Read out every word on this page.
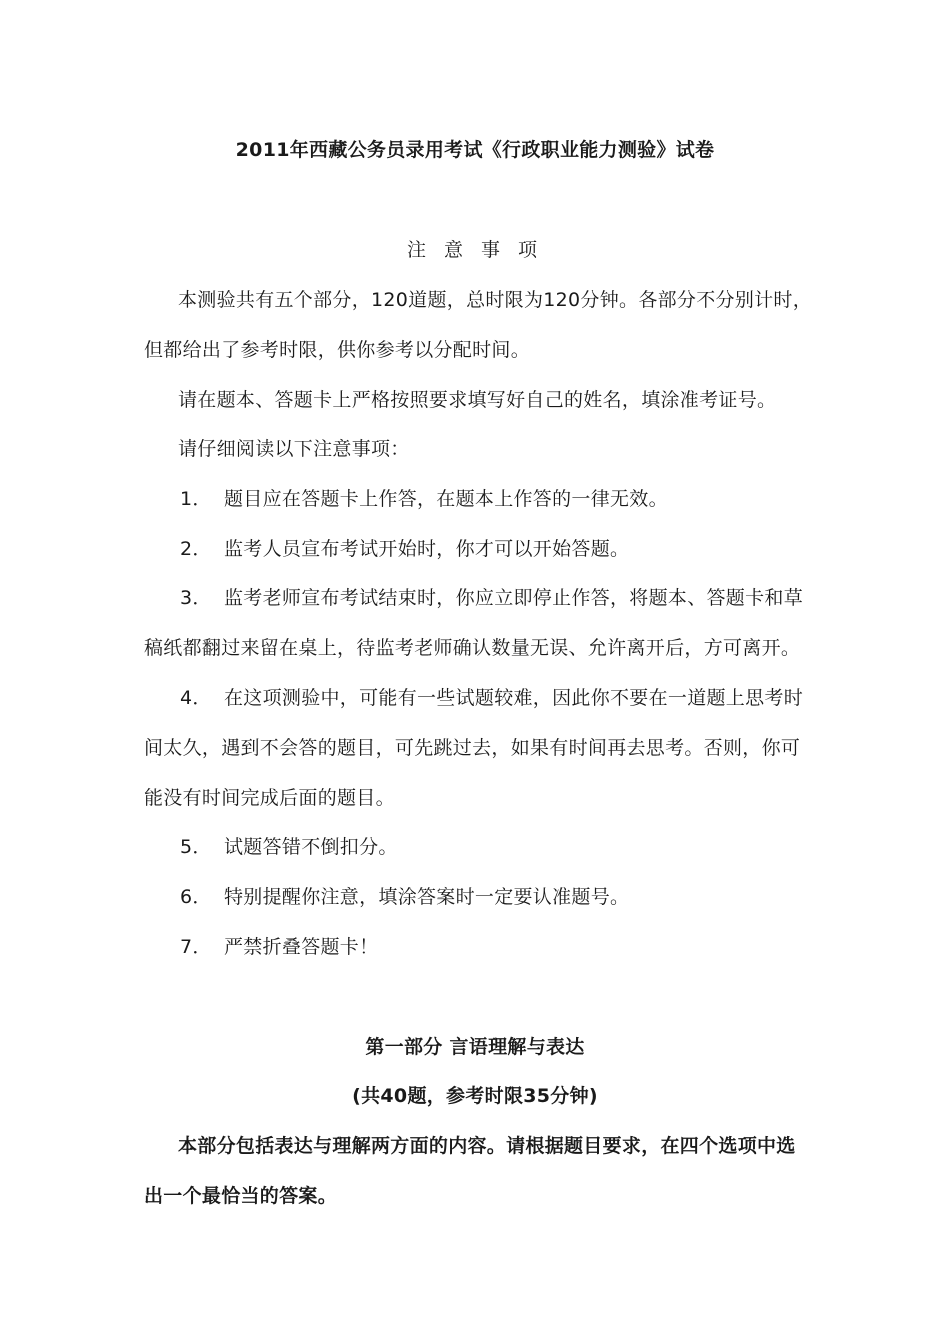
2011年西藏公务员录用考试《行政职业能力测验》试卷
注 意 事 项
本测验共有五个部分，120道题，总时限为120分钟。各部分不分别计时，
但都给出了参考时限，供你参考以分配时间。
请在题本、答题卡上严格按照要求填写好自己的姓名，填涂准考证号。
请仔细阅读以下注意事项：
1． 题目应在答题卡上作答，在题本上作答的一律无效。
2． 监考人员宣布考试开始时，你才可以开始答题。
3． 监考老师宣布考试结束时，你应立即停止作答，将题本、答题卡和草
稿纸都翻过来留在桌上，待监考老师确认数量无误、允许离开后，方可离开。
4． 在这项测验中，可能有一些试题较难，因此你不要在一道题上思考时
间太久，遇到不会答的题目，可先跳过去，如果有时间再去思考。否则，你可
能没有时间完成后面的题目。
5． 试题答错不倒扣分。
6． 特别提醒你注意，填涂答案时一定要认准题号。
7． 严禁折叠答题卡！
第一部分 言语理解与表达
(共40题，参考时限35分钟)
本部分包括表达与理解两方面的内容。请根据题目要求，在四个选项中选
出一个最恰当的答案。
